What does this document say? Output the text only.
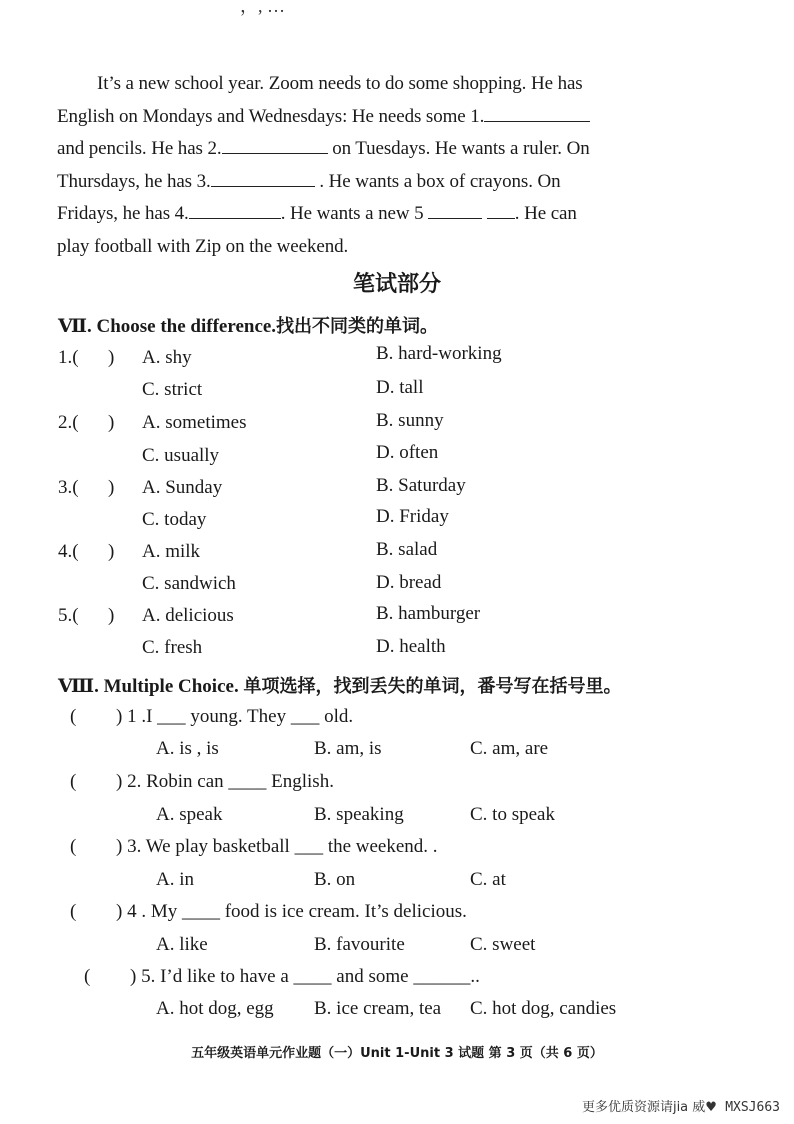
，, …
It’s a new school year. Zoom needs to do some shopping. He has
English on Mondays and Wednesdays: He needs some 1.
and pencils. He has 2.	on Tuesdays. He wants a ruler. On
Thursdays, he has 3.	. He wants a box of crayons. On
Fridays, he has 4.	. He wants a new 5	. He can
play football with Zip on the weekend.
笔试部分
Ⅶ. Choose the difference.找出不同类的单词。
1.( ) A. shy	B. hard-working
C. strict	D. tall
2.( ) A. sometimes	B. sunny
C. usually	D. often
3.( ) A. Sunday	B. Saturday
C. today	D. Friday
4.( ) A. milk	B. salad
C. sandwich	D. bread
5.( ) A. delicious	B. hamburger
C. fresh	D. health
Ⅷ. Multiple Choice. 单项选择，找到丢失的单词，番号写在括号里。
( ) 1 .I ___ young. They ___ old.
A. is , is	B. am, is	C. am, are
( ) 2. Robin can ____ English.
A. speak	B. speaking	C. to speak
( ) 3. We play basketball ___ the weekend. .
A. in	B. on	C. at
( ) 4 . My ____ food is ice cream. It’s delicious.
A. like	B. favourite	C. sweet
( ) 5. I’d like to have a ____ and some ______..
A. hot dog, egg B. ice cream, tea C. hot dog, candies
五年级英语单元作业题（一）Unit 1-Unit 3 试题 第 3 页（共 6 页）
更多优质资源请jia 威♥ MXSJ663
